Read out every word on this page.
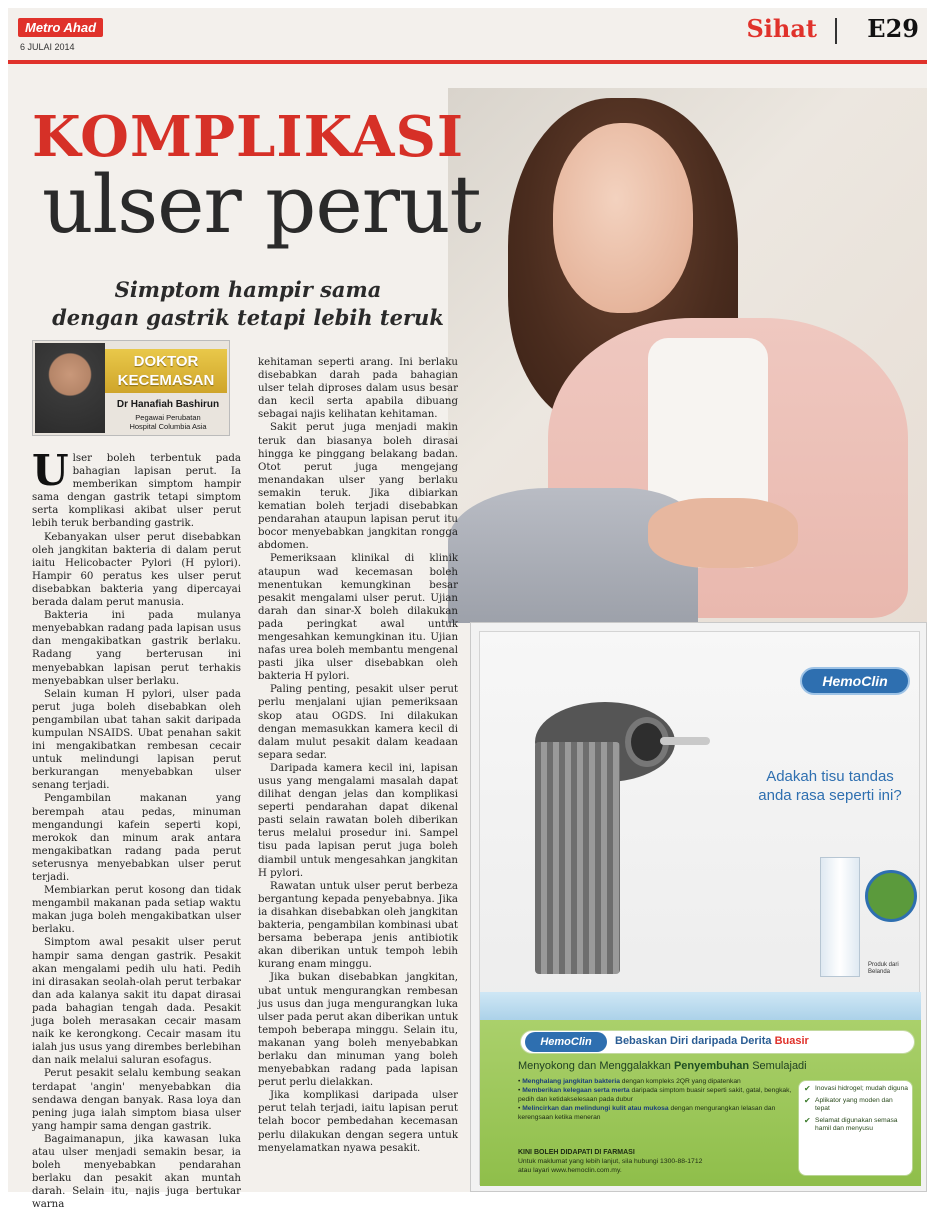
Metro Ahad
6 JULAI 2014
Sihat E29
KOMPLIKASI
ulser perut
Simptom hampir sama
dengan gastrik tetapi lebih teruk
DOKTOR
KECEMASAN
Dr Hanafiah Bashirun
Pegawai Perubatan
Hospital Columbia Asia

Ulser boleh terbentuk pada bahagian lapisan perut. Ia memberikan simptom hampir sama dengan gastrik tetapi simptom serta komplikasi akibat ulser perut lebih teruk berbanding gastrik.

Kebanyakan ulser perut disebabkan oleh jangkitan bakteria di dalam perut iaitu Helicobacter Pylori (H pylori). Hampir 60 peratus kes ulser perut disebabkan bakteria yang dipercayai berada dalam perut manusia.

Bakteria ini pada mulanya menyebabkan radang pada lapisan usus dan mengakibatkan gastrik berlaku. Radang yang berterusan ini menyebabkan lapisan perut terhakis menyebabkan ulser berlaku.

Selain kuman H pylori, ulser pada perut juga boleh disebabkan oleh pengambilan ubat tahan sakit daripada kumpulan NSAIDS. Ubat penahan sakit ini mengakibatkan rembesan cecair untuk melindungi lapisan perut berkurangan menyebabkan ulser senang terjadi.

Pengambilan makanan yang berempah atau pedas, minuman mengandungi kafein seperti kopi, merokok dan minum arak antara mengakibatkan radang pada perut seterusnya menyebabkan ulser perut terjadi.

Membiarkan perut kosong dan tidak mengambil makanan pada setiap waktu makan juga boleh mengakibatkan ulser berlaku.

Simptom awal pesakit ulser perut hampir sama dengan gastrik. Pesakit akan mengalami pedih ulu hati. Pedih ini dirasakan seolah-olah perut terbakar dan ada kalanya sakit itu dapat dirasai pada bahagian tengah dada. Pesakit juga boleh merasakan cecair masam naik ke kerongkong. Cecair masam itu ialah jus usus yang dirembes berlebihan dan naik melalui saluran esofagus.

Perut pesakit selalu kembung seakan terdapat 'angin' menyebabkan dia sendawa dengan banyak. Rasa loya dan pening juga ialah simptom biasa ulser yang hampir sama dengan gastrik.

Bagaimanapun, jika kawasan luka atau ulser menjadi semakin besar, ia boleh menyebabkan pendarahan berlaku dan pesakit akan muntah darah. Selain itu, najis juga bertukar warna

kehitaman seperti arang. Ini berlaku disebabkan darah pada bahagian ulser telah diproses dalam usus besar dan kecil serta apabila dibuang sebagai najis kelihatan kehitaman.

Sakit perut juga menjadi makin teruk dan biasanya boleh dirasai hingga ke pinggang belakang badan. Otot perut juga mengejang menandakan ulser yang berlaku semakin teruk. Jika dibiarkan kematian boleh terjadi disebabkan pendarahan ataupun lapisan perut itu bocor menyebabkan jangkitan rongga abdomen.

Pemeriksaan klinikal di klinik ataupun wad kecemasan boleh menentukan kemungkinan besar pesakit mengalami ulser perut. Ujian darah dan sinar-X boleh dilakukan pada peringkat awal untuk mengesahkan kemungkinan itu. Ujian nafas urea boleh membantu mengenal pasti jika ulser disebabkan oleh bakteria H pylori.

Paling penting, pesakit ulser perut perlu menjalani ujian pemeriksaan skop atau OGDS. Ini dilakukan dengan memasukkan kamera kecil di dalam mulut pesakit dalam keadaan separa sedar.

Daripada kamera kecil ini, lapisan usus yang mengalami masalah dapat dilihat dengan jelas dan komplikasi seperti pendarahan dapat dikenal pasti selain rawatan boleh diberikan terus melalui prosedur ini. Sampel tisu pada lapisan perut juga boleh diambil untuk mengesahkan jangkitan H pylori.

Rawatan untuk ulser perut berbeza bergantung kepada penyebabnya. Jika ia disahkan disebabkan oleh jangkitan bakteria, pengambilan kombinasi ubat bersama beberapa jenis antibiotik akan diberikan untuk tempoh lebih kurang enam minggu.

Jika bukan disebabkan jangkitan, ubat untuk mengurangkan rembesan jus usus dan juga mengurangkan luka ulser pada perut akan diberikan untuk tempoh beberapa minggu. Selain itu, makanan yang boleh menyebabkan berlaku dan minuman yang boleh menyebabkan radang pada lapisan perut perlu dielakkan.

Jika komplikasi daripada ulser perut telah terjadi, iaitu lapisan perut telah bocor pembedahan kecemasan perlu dilakukan dengan segera untuk menyelamatkan nyawa pesakit.

HemoClin
Adakah tisu tandas
anda rasa seperti ini?
Produk dari
Belanda
HemoClin	Bebaskan Diri daripada Derita Buasir
Menyokong dan Menggalakkan Penyembuhan Semulajadi
• Menghalang jangkitan bakteria dengan kompleks 2QR yang dipatenkan
• Memberikan kelegaan serta merta daripada simptom buasir seperti sakit, gatal, bengkak, pedih dan ketidakselesaan pada dubur
• Melincirkan dan melindungi kulit atau mukosa dengan mengurangkan lelasan dan kerengsaan ketika meneran
✔ Inovasi hidrogel; mudah diguna
✔ Aplikator yang moden dan tepat
✔ Selamat digunakan semasa hamil dan menyusu
KINI BOLEH DIDAPATI DI FARMASI
Untuk maklumat yang lebih lanjut, sila hubungi 1300-88-1712
atau layari www.hemoclin.com.my.
